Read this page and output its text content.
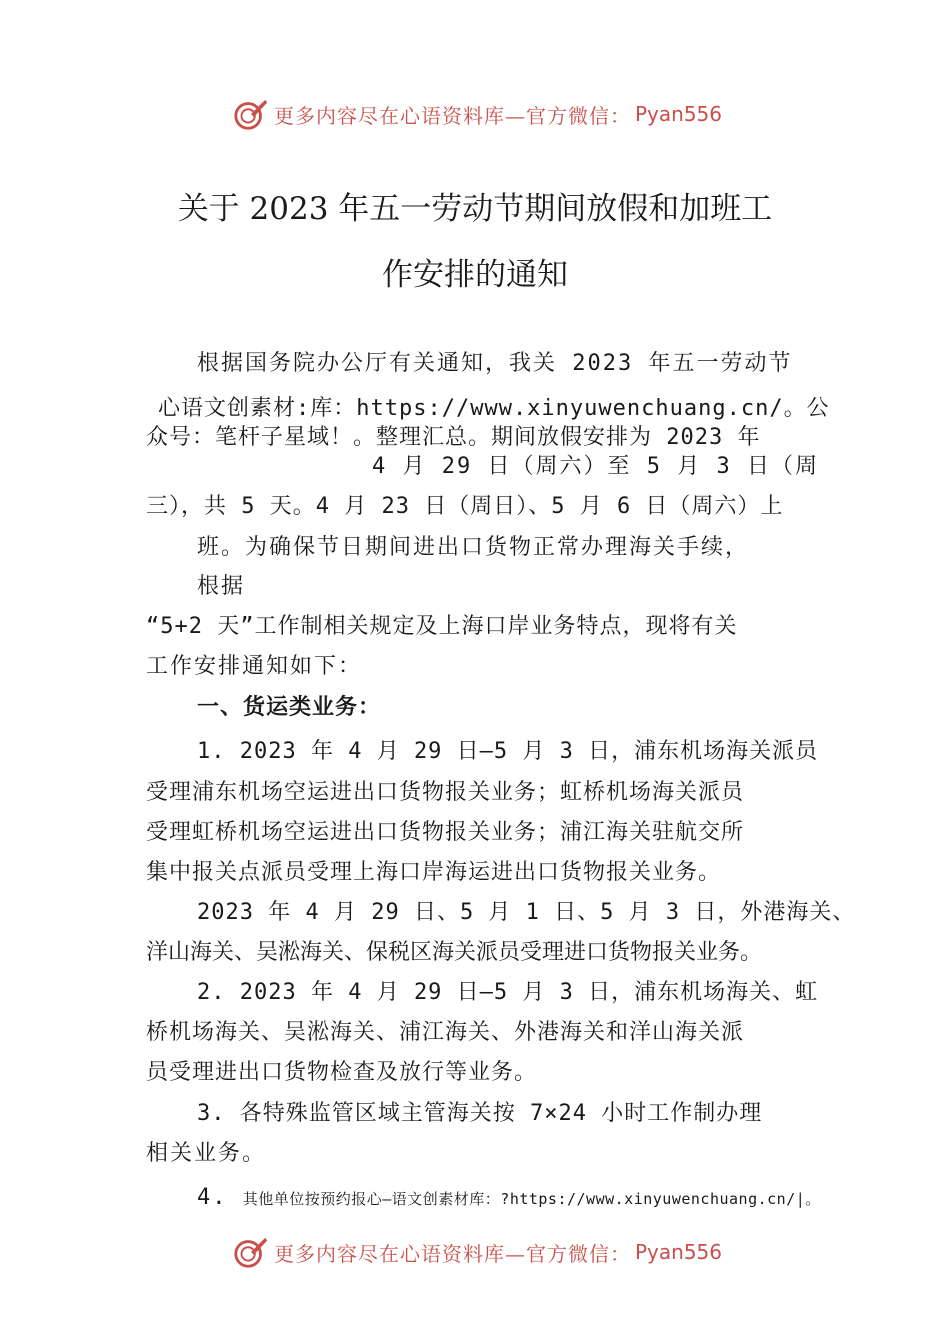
更多内容尽在心语资料库—官方微信： Pyan556
关于 2023 年五一劳动节期间放假和加班工
作安排的通知
根据国务院办公厅有关通知，我关 2023 年五一劳动节
心语文创素材:库：https://www.xinyuwenchuang.cn/。公
众号：笔杆子星域！。整理汇总。期间放假安排为 2023 年
4 月 29 日（周六）至 5 月 3 日（周
三），共 5 天。4 月 23 日（周日）、5 月 6 日（周六）上
班。为确保节日期间进出口货物正常办理海关手续，
根据
“5+2 天”工作制相关规定及上海口岸业务特点，现将有关
工作安排通知如下：
一、货运类业务：
1. 2023 年 4 月 29 日—5 月 3 日，浦东机场海关派员
受理浦东机场空运进出口货物报关业务；虹桥机场海关派员
受理虹桥机场空运进出口货物报关业务；浦江海关驻航交所
集中报关点派员受理上海口岸海运进出口货物报关业务。
2023 年 4 月 29 日、5 月 1 日、5 月 3 日，外港海关、
洋山海关、吴淞海关、保税区海关派员受理进口货物报关业务。
2. 2023 年 4 月 29 日—5 月 3 日，浦东机场海关、虹
桥机场海关、吴淞海关、浦江海关、外港海关和洋山海关派
员受理进出口货物检查及放行等业务。
3. 各特殊监管区域主管海关按 7×24 小时工作制办理
相关业务。
4. 其他单位按预约报心—语文创素材库：?https://www.xinyuwenchuang.cn/|。
更多内容尽在心语资料库—官方微信： Pyan556
